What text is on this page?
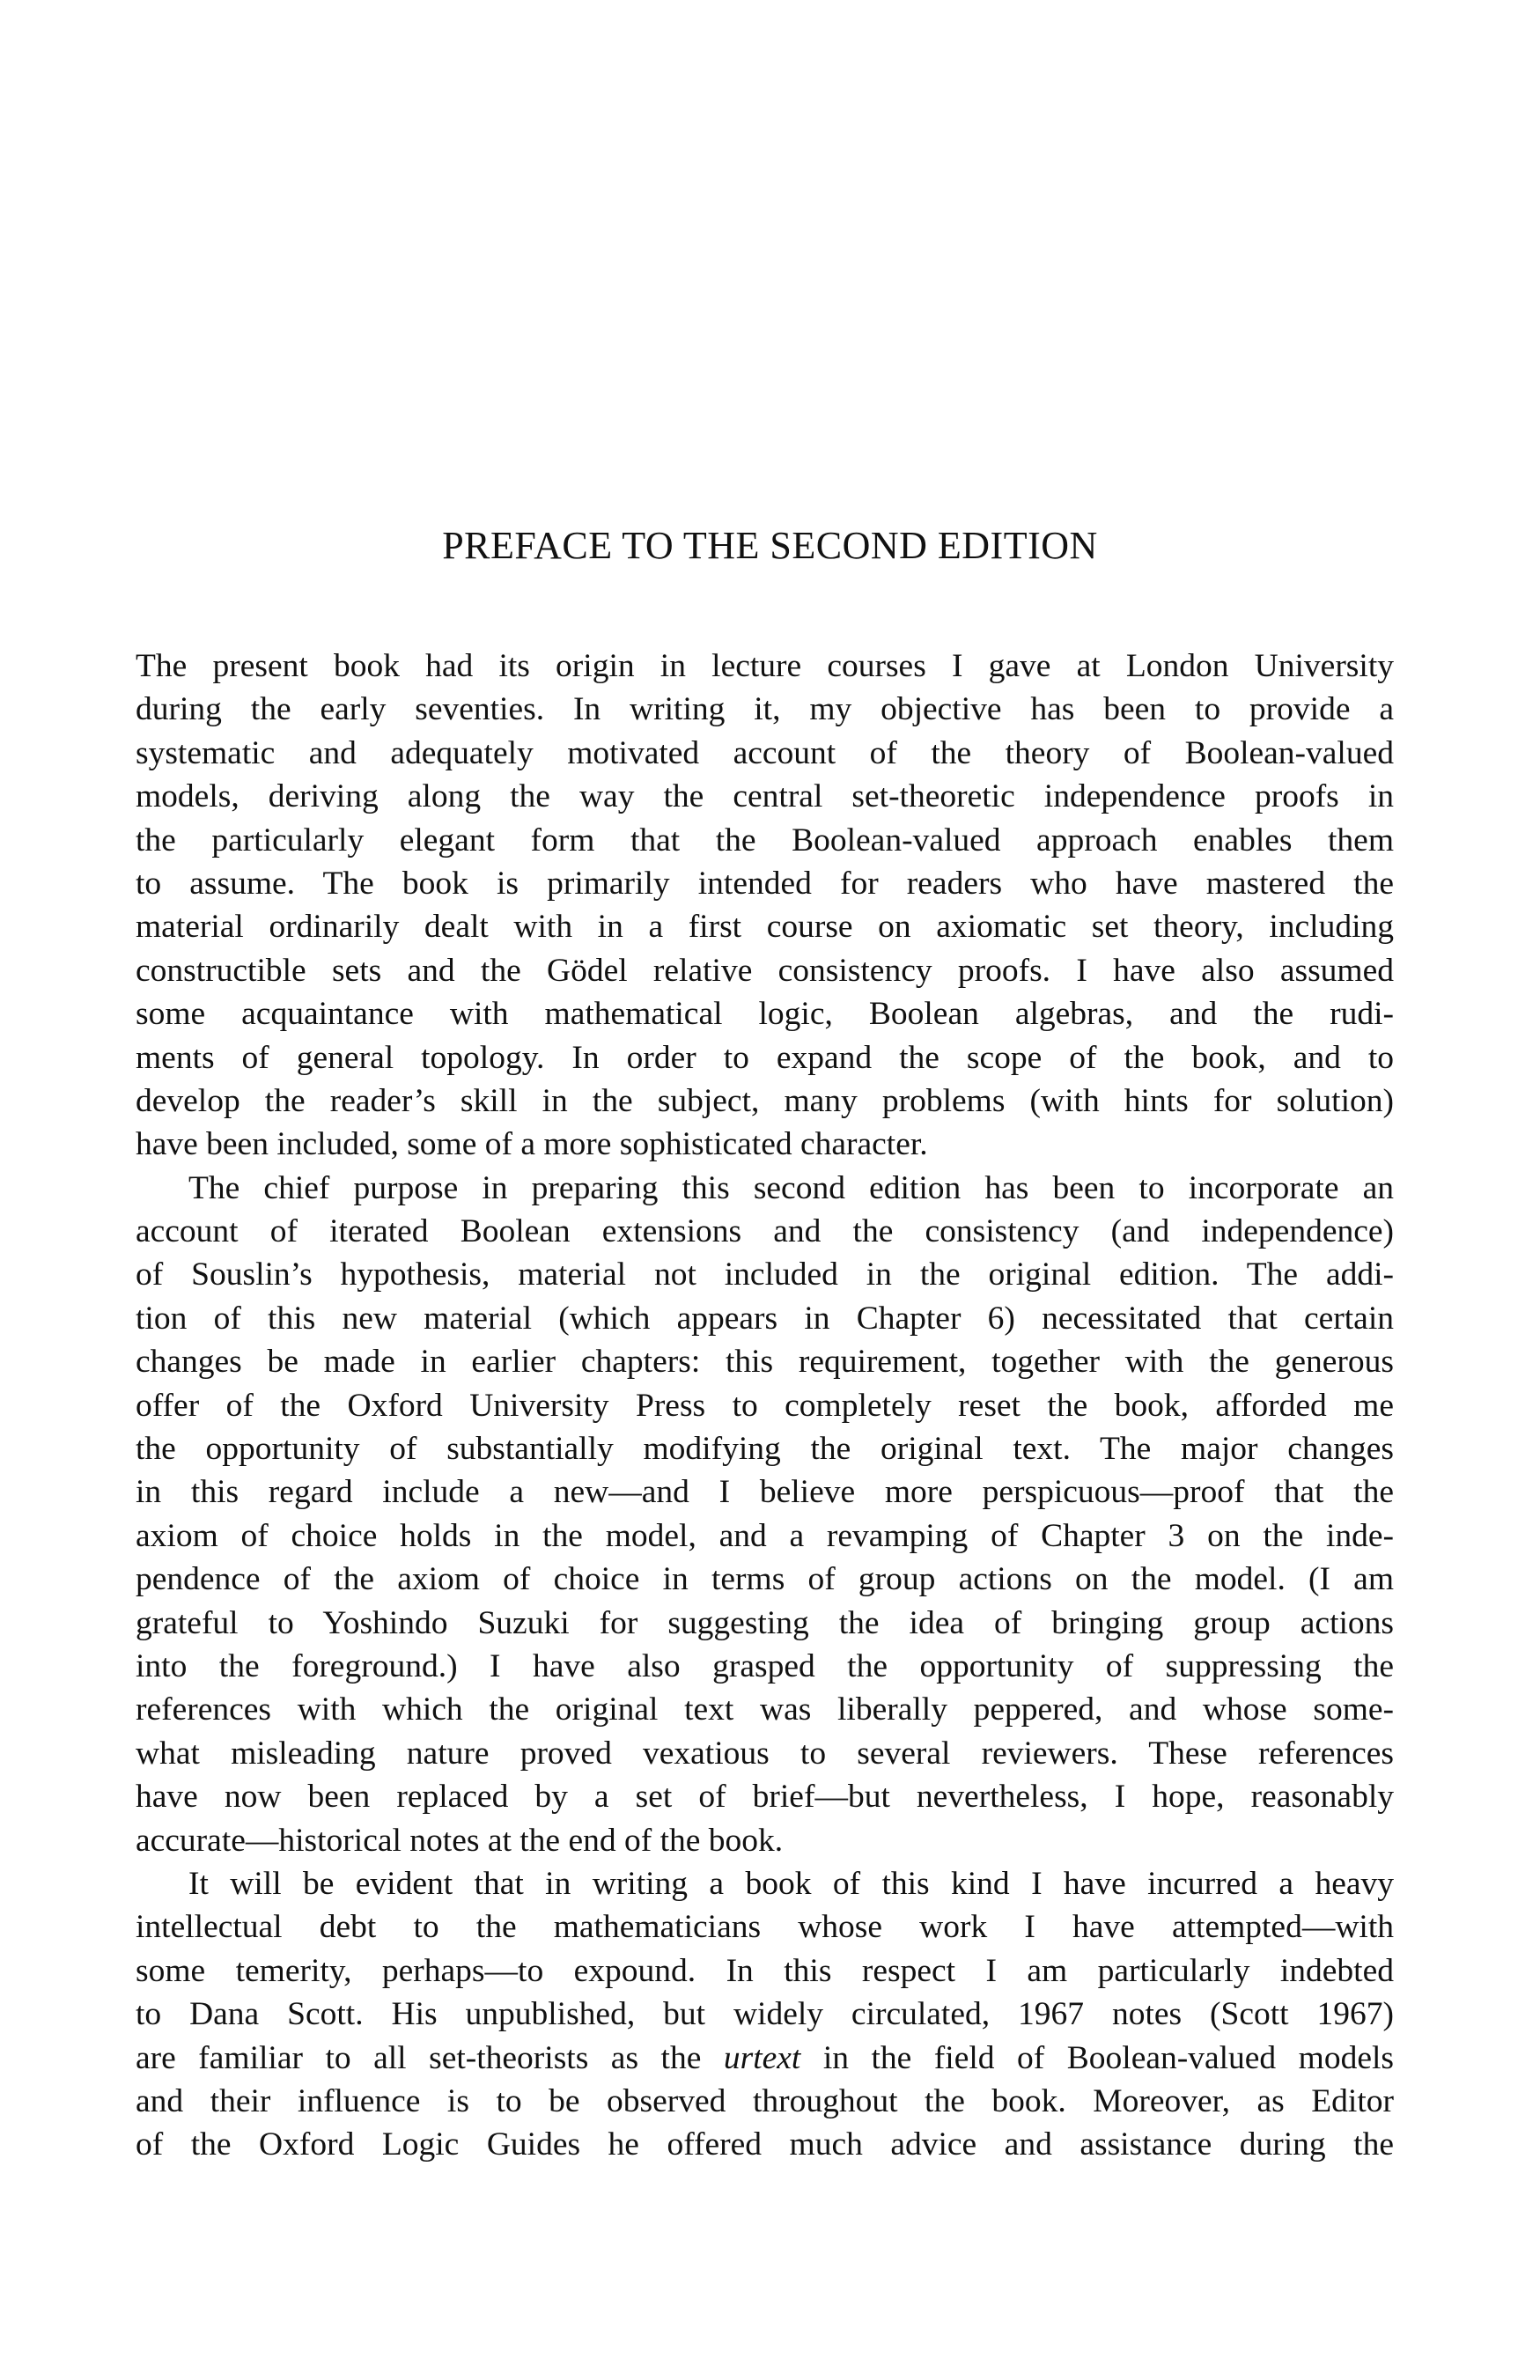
PREFACE TO THE SECOND EDITION
The present book had its origin in lecture courses I gave at London University
during the early seventies. In writing it, my objective has been to provide a
systematic and adequately motivated account of the theory of Boolean-valued
models, deriving along the way the central set-theoretic independence proofs in
the particularly elegant form that the Boolean-valued approach enables them
to assume. The book is primarily intended for readers who have mastered the
material ordinarily dealt with in a first course on axiomatic set theory, including
constructible sets and the Gödel relative consistency proofs. I have also assumed
some acquaintance with mathematical logic, Boolean algebras, and the rudi-
ments of general topology. In order to expand the scope of the book, and to
develop the reader’s skill in the subject, many problems (with hints for solution)
have been included, some of a more sophisticated character.
The chief purpose in preparing this second edition has been to incorporate an
account of iterated Boolean extensions and the consistency (and independence)
of Souslin’s hypothesis, material not included in the original edition. The addi-
tion of this new material (which appears in Chapter 6) necessitated that certain
changes be made in earlier chapters: this requirement, together with the generous
offer of the Oxford University Press to completely reset the book, afforded me
the opportunity of substantially modifying the original text. The major changes
in this regard include a new—and I believe more perspicuous—proof that the
axiom of choice holds in the model, and a revamping of Chapter 3 on the inde-
pendence of the axiom of choice in terms of group actions on the model. (I am
grateful to Yoshindo Suzuki for suggesting the idea of bringing group actions
into the foreground.) I have also grasped the opportunity of suppressing the
references with which the original text was liberally peppered, and whose some-
what misleading nature proved vexatious to several reviewers. These references
have now been replaced by a set of brief—but nevertheless, I hope, reasonably
accurate—historical notes at the end of the book.
It will be evident that in writing a book of this kind I have incurred a heavy
intellectual debt to the mathematicians whose work I have attempted—with
some temerity, perhaps—to expound. In this respect I am particularly indebted
to Dana Scott. His unpublished, but widely circulated, 1967 notes (Scott 1967)
are familiar to all set-theorists as the urtext in the field of Boolean-valued models
and their influence is to be observed throughout the book. Moreover, as Editor
of the Oxford Logic Guides he offered much advice and assistance during the
